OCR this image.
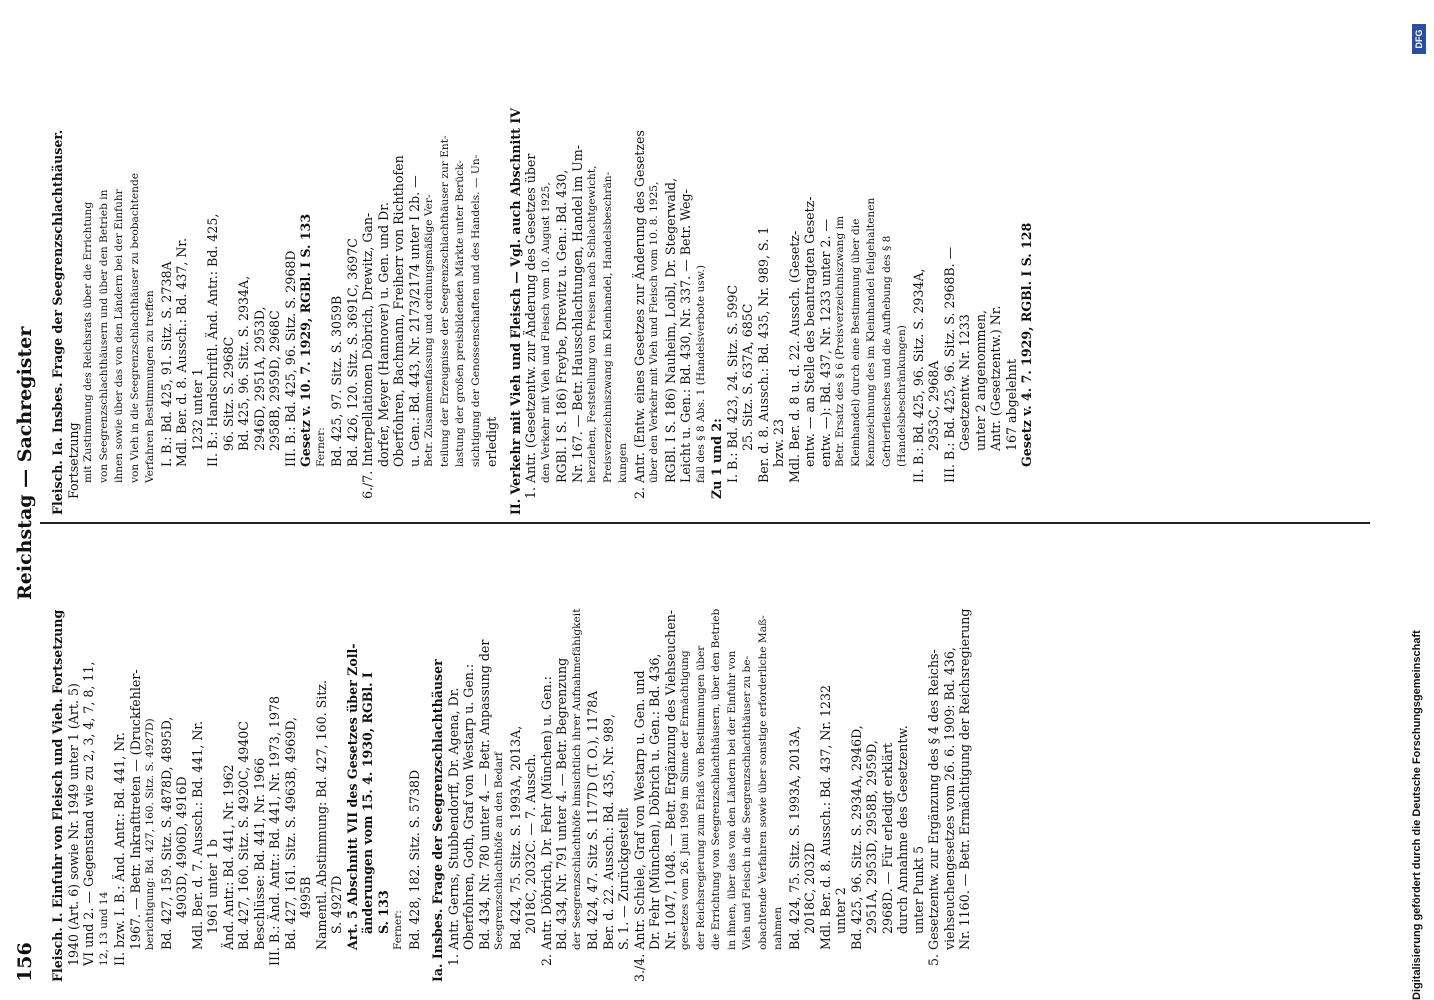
156
Reichstag — Sachregister
Fleisch. I. Einfuhr von Fleisch und Vieh. Fortsetzung 1940 (Art. 6) sowie Nr. 1949 unter 1 (Art. 5) VI und 2. — Gegenstand wie zu 2, 3, 4, 7, 8, 11, 12, 13 und 14 II. bzw. I. B.: Änd. Antr.: Bd. 441, Nr. 1967. — Betr. Inkrafttreten — (Druckfehler- berichtigung: Bd. 427, 160. Sitz. S. 4927D) Bd. 427, 159. Sitz. S. 4878D, 4895D, 4903D, 4906D, 4916D Mdl. Ber. d. 7. Aussch.: Bd. 441, Nr. 1961 unter 1 b Änd. Antr.: Bd. 441, Nr. 1962 Bd. 427, 160. Sitz. S. 4920C, 4940C Beschlüsse: Bd. 441, Nr. 1966 III. B.: Änd. Antr.: Bd. 441, Nr. 1973, 1978 Bd. 427, 161. Sitz. S. 4963B, 4969D, 4995B Namentl. Abstimmung: Bd. 427, 160. Sitz. S. 4927D Art. 5 Abschnitt VII des Gesetzes über Zoll- änderungen vom 15. 4. 1930, RGBl. I S. 133 Ferner: Bd. 428, 182. Sitz. S. 5738D Ia. Insbes. Frage der Seegrenzschlachthäuser 1. Antr. Gerns, Stubbendorff, Dr. Agena, Dr. Oberfohren, Goth, Graf von Westarp u. Gen.: Bd. 434, Nr. 780 unter 4. — Betr. Anpassung der Seegrenzschlachthöfe an den Bedarf Bd. 424, 75. Sitz. S. 1993A, 2013A, 2018C, 2032C. — 7. Aussch. 2. Antr. Döbrich, Dr. Fehr (München) u. Gen.: Bd. 434, Nr. 791 unter 4. — Betr. Begrenzung der Seegrenzschlachthöfe hinsichtlich ihrer Aufnahmefähigkeit Bd. 424, 47. Sitz S. 1177D (T. O.), 1178A Ber. d. 22. Aussch.: Bd. 435, Nr. 989, S. 1. — Zurückgestellt 3./4. Antr. Schiele, Graf von Westarp u. Gen. und Dr. Fehr (München), Döbrich u. Gen.: Bd. 436, Nr. 1047, 1048. — Betr. Ergänzung des Viehseuchen- gesetzes vom 26. Juni 1909 im Sinne der Ermächtigung der Reichsregierung zum Erlaß von Bestimmungen über die Errichtung von Seegrenzschlachthäusern, über den Betrieb in ihnen, über das von den Ländern bei der Einfuhr von Vieh und Fleisch in die Seegrenzschlachthäuser zu be- obachtende Verfahren sowie über sonstige erforderliche Maß- nahmen Bd. 424, 75. Sitz. S. 1993A, 2013A, 2018C, 2032D Mdl. Ber. d. 8. Aussch.: Bd. 437, Nr. 1232 unter 2 Bd. 425, 96. Sitz. S. 2934A, 2946D, 2951A, 2953D, 2958B, 2959D, 2968D. — Für erledigt erklärt durch Annahme des Gesetzentw. unter Punkt 5 5. Gesetzentw. zur Ergänzung des § 4 des Reichs- viehseuchengesetzes vom 26. 6. 1909: Bd. 436, Nr. 1160. — Betr. Ermächtigung der Reichsregierung
Fleisch. Ia. Insbes. Frage der Seegrenzschlachthäuser. Fortsetzung mit Zustimmung des Reichsrats über die Errichtung von Seegrenzschlachthäusern und über den Betrieb in ihnen sowie über das von den Ländern bei der Einfuhr von Vieh in die Seegrenzschlachthäuser zu beobachtende Verfahren Bestimmungen zu treffen I. B.: Bd. 425, 91. Sitz. S. 2738A Mdl. Ber. d. 8. Aussch.: Bd. 437, Nr. 1232 unter 1 II. B.: Handschriftl. Änd. Antr.: Bd. 425, 96. Sitz. S. 2968C Bd. 425, 96. Sitz. S. 2934A, 2946D, 2951A, 2953D, 2958B, 2959D, 2968C III. B.: Bd. 425, 96. Sitz. S. 2968D Gesetz v. 10. 7. 1929, RGBl. I S. 133 Ferner: Bd. 425, 97. Sitz. S. 3059B Bd. 426, 120. Sitz. S. 3691C, 3697C 6./7. Interpellationen Döbrich, Drewitz, Gan- dorfer, Meyer (Hannover) u. Gen. und Dr. Oberfohren, Bachmann, Freiherr von Richthofen u. Gen.: Bd. 443, Nr. 2173/2174 unter I 2b. — Betr. Zusammenfassung und ordnungsmäßige Ver- teilung der Erzeugnisse der Seegrenzschlachthäuser zur Ent- lastung der großen preisbildenden Märkte unter Berück- sichtigung der Genossenschaften und des Handels. — Un- erledigt II. Verkehr mit Vieh und Fleisch — Vgl. auch Abschnitt IV 1. Antr. (Gesetzentw. zur Änderung des Gesetzes über den Verkehr mit Vieh und Fleisch vom 10. August 1925, RGBl. I S. 186) Freybe, Drewitz u. Gen.: Bd. 430, Nr. 167. — Betr. Hausschlachtungen, Handel im Um- herziehen, Feststellung von Preisen nach Schlachtgewicht, Preisverzeichniszwang im Kleinhandel, Handelsbeschrän- kungen 2. Antr. (Entw. eines Gesetzes zur Änderung des Gesetzes über den Verkehr mit Vieh und Fleisch vom 10. 8. 1925, RGBl. I S. 186) Nauheim, Loibl, Dr. Stegerwald, Leicht u. Gen.: Bd. 430, Nr. 337. — Betr. Weg- fall des § 8 Abs. 1 (Handelsverbote usw.) Zu 1 und 2: I. B.: Bd. 423, 24. Sitz. S. 599C 25. Sitz. S. 637A, 685C Ber. d. 8. Aussch.: Bd. 435, Nr. 989, S. 1 bzw. 23 Mdl. Ber. d. 8 u. d. 22. Aussch. (Gesetz- entw. — an Stelle des beantragten Gesetz- entw. —): Bd. 437, Nr. 1233 unter 2. — Betr. Ersatz des § 6 (Preisverzeichniszwang im Kleinhandel) durch eine Bestimmung über die Kennzeichnung des im Kleinhandel feilgehaltenen Gefrierfleisches und die Aufhebung des § 8 (Handelsbeschränkungen) II. B.: Bd. 425, 96. Sitz. S. 2934A, 2953C, 2968A III. B.: Bd. 425, 96. Sitz. S. 2968B. — Gesetzentw. Nr. 1233 unter 2 angenommen, Antr. (Gesetzentw.) Nr. 167 abgelehnt Gesetz v. 4. 7. 1929, RGBl. I S. 128
DFG
Digitalisierung gefördert durch die Deutsche Forschungsgemeinschaft
